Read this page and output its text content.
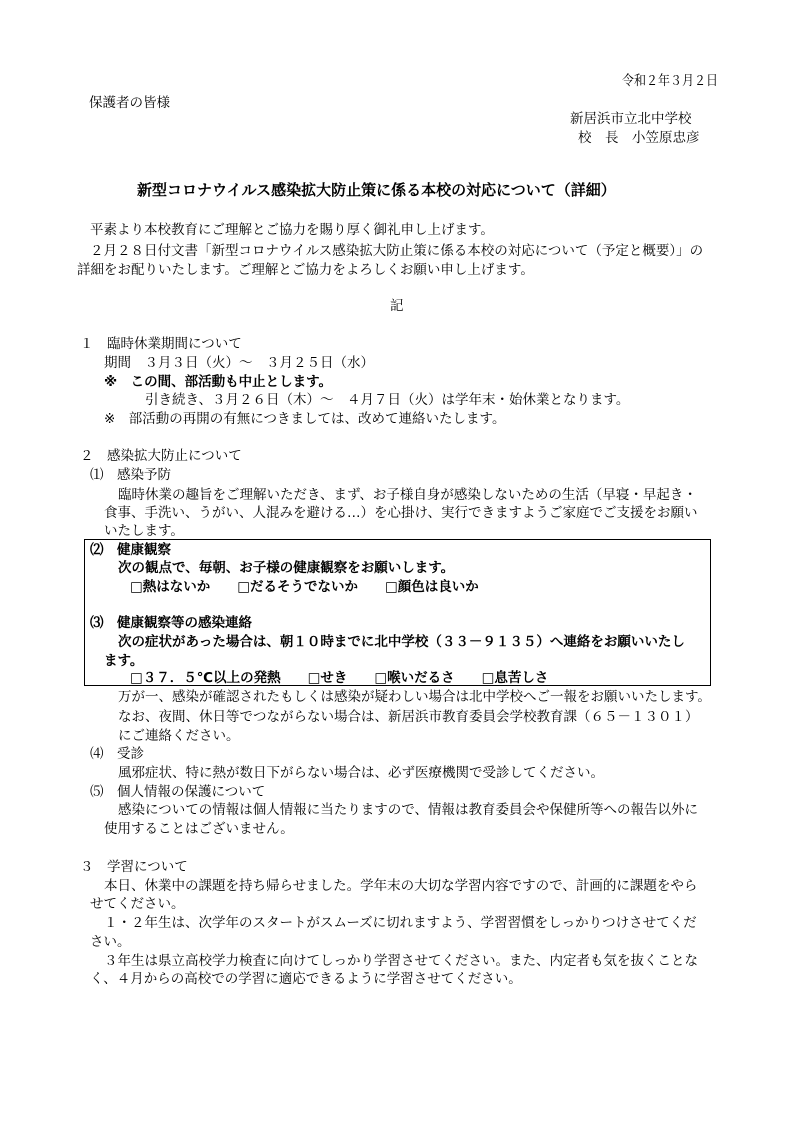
令和２年３月２日
保護者の皆様
新居浜市立北中学校
校　長　小笠原忠彦
新型コロナウイルス感染拡大防止策に係る本校の対応について（詳細）
平素より本校教育にご理解とご協力を賜り厚く御礼申し上げます。
２月２８日付文書「新型コロナウイルス感染拡大防止策に係る本校の対応について（予定と概要）」の
詳細をお配りいたします。ご理解とご協力をよろしくお願い申し上げます。
記
１　臨時休業期間について
期間　３月３日（火）～　３月２５日（水）
※　この間、部活動も中止とします。
引き続き、３月２６日（木）～　４月７日（火）は学年末・始休業となります。
※　部活動の再開の有無につきましては、改めて連絡いたします。
２　感染拡大防止について
⑴　感染予防
臨時休業の趣旨をご理解いただき、まず、お子様自身が感染しないための生活（早寝・早起き・
食事、手洗い、うがい、人混みを避ける…）を心掛け、実行できますようご家庭でご支援をお願い
いたします。
⑵　健康観察
次の観点で、毎朝、お子様の健康観察をお願いします。
□熱はないか　　□だるそうでないか　　□顔色は良いか
⑶　健康観察等の感染連絡
次の症状があった場合は、朝１０時までに北中学校（３３－９１３５）へ連絡をお願いいたし
ます。
□３７．５℃以上の発熱　　□せき　　□喉いだるさ　　□息苦しさ
万が一、感染が確認されたもしくは感染が疑わしい場合は北中学校へご一報をお願いいたします。
なお、夜間、休日等でつながらない場合は、新居浜市教育委員会学校教育課（６５－１３０１）
にご連絡ください。
⑷　受診
風邪症状、特に熱が数日下がらない場合は、必ず医療機関で受診してください。
⑸　個人情報の保護について
感染についての情報は個人情報に当たりますので、情報は教育委員会や保健所等への報告以外に
使用することはございません。
３　学習について
本日、休業中の課題を持ち帰らせました。学年末の大切な学習内容ですので、計画的に課題をやら
せてください。
１・２年生は、次学年のスタートがスムーズに切れますよう、学習習慣をしっかりつけさせてくだ
さい。
３年生は県立高校学力検査に向けてしっかり学習させてください。また、内定者も気を抜くことな
く、４月からの高校での学習に適応できるように学習させてください。
